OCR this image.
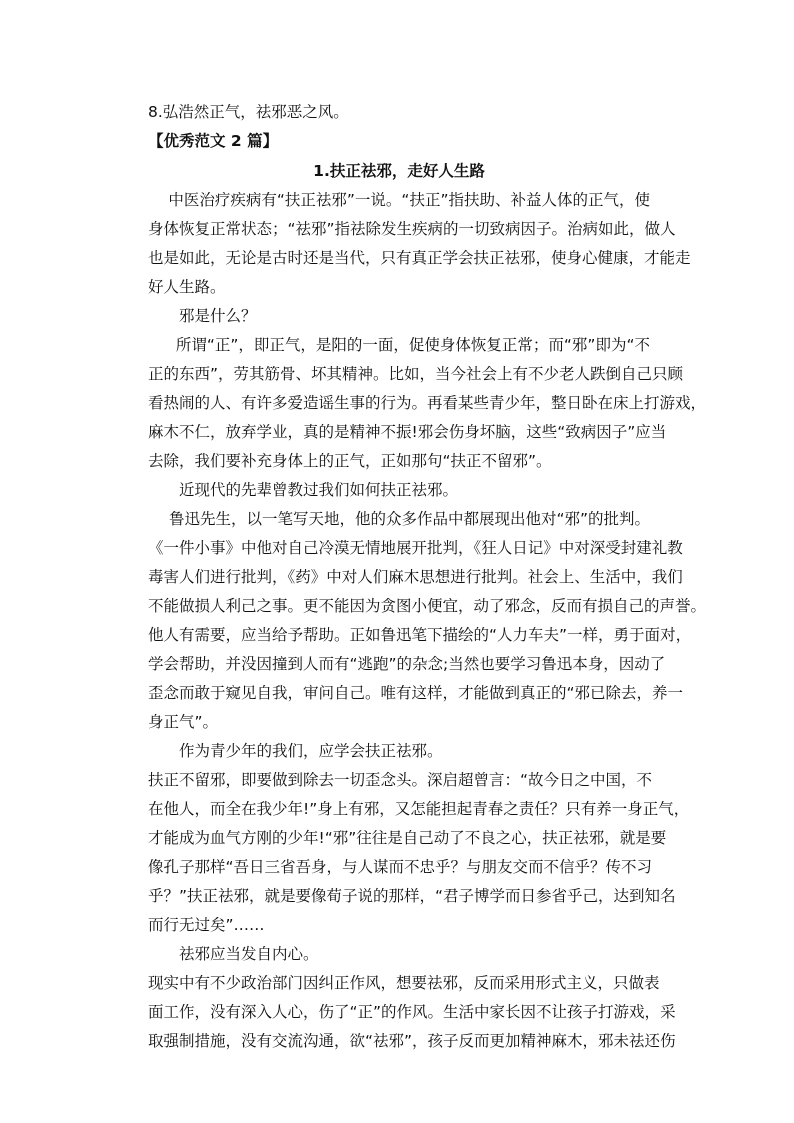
8.弘浩然正气，祛邪恶之风。
【优秀范文 2 篇】
1.扶正祛邪，走好人生路
中医治疗疾病有“扶正祛邪”一说。“扶正”指扶助、补益人体的正气，使
身体恢复正常状态；“祛邪”指祛除发生疾病的一切致病因子。治病如此，做人
也是如此，无论是古时还是当代，只有真正学会扶正祛邪，使身心健康，才能走
好人生路。
邪是什么？
所谓“正”，即正气，是阳的一面，促使身体恢复正常；而“邪”即为“不
正的东西”，劳其筋骨、坏其精神。比如，当今社会上有不少老人跌倒自己只顾
看热闹的人、有许多爱造谣生事的行为。再看某些青少年，整日卧在床上打游戏，
麻木不仁，放弃学业，真的是精神不振!邪会伤身坏脑，这些“致病因子”应当
去除，我们要补充身体上的正气，正如那句“扶正不留邪”。
近现代的先辈曾教过我们如何扶正祛邪。
鲁迅先生，以一笔写天地，他的众多作品中都展现出他对“邪”的批判。
《一件小事》中他对自己冷漠无情地展开批判，《狂人日记》中对深受封建礼教
毒害人们进行批判，《药》中对人们麻木思想进行批判。社会上、生活中，我们
不能做损人利己之事。更不能因为贪图小便宜，动了邪念，反而有损自己的声誉。
他人有需要，应当给予帮助。正如鲁迅笔下描绘的“人力车夫”一样，勇于面对，
学会帮助，并没因撞到人而有“逃跑”的杂念;当然也要学习鲁迅本身，因动了
歪念而敢于窥见自我，审问自己。唯有这样，才能做到真正的“邪已除去，养一
身正气”。
作为青少年的我们，应学会扶正祛邪。
扶正不留邪，即要做到除去一切歪念头。深启超曾言：“故今日之中国，不
在他人，而全在我少年!”身上有邪，又怎能担起青春之责任？只有养一身正气，
才能成为血气方刚的少年!“邪”往往是自己动了不良之心，扶正祛邪，就是要
像孔子那样“吾日三省吾身，与人谋而不忠乎？与朋友交而不信乎？传不习
乎？”扶正祛邪，就是要像荀子说的那样，“君子博学而日参省乎己，达到知名
而行无过矣”……
祛邪应当发自内心。
现实中有不少政治部门因纠正作风，想要祛邪，反而采用形式主义，只做表
面工作，没有深入人心，伤了“正”的作风。生活中家长因不让孩子打游戏，采
取强制措施，没有交流沟通，欲“祛邪”，孩子反而更加精神麻木，邪未祛还伤
